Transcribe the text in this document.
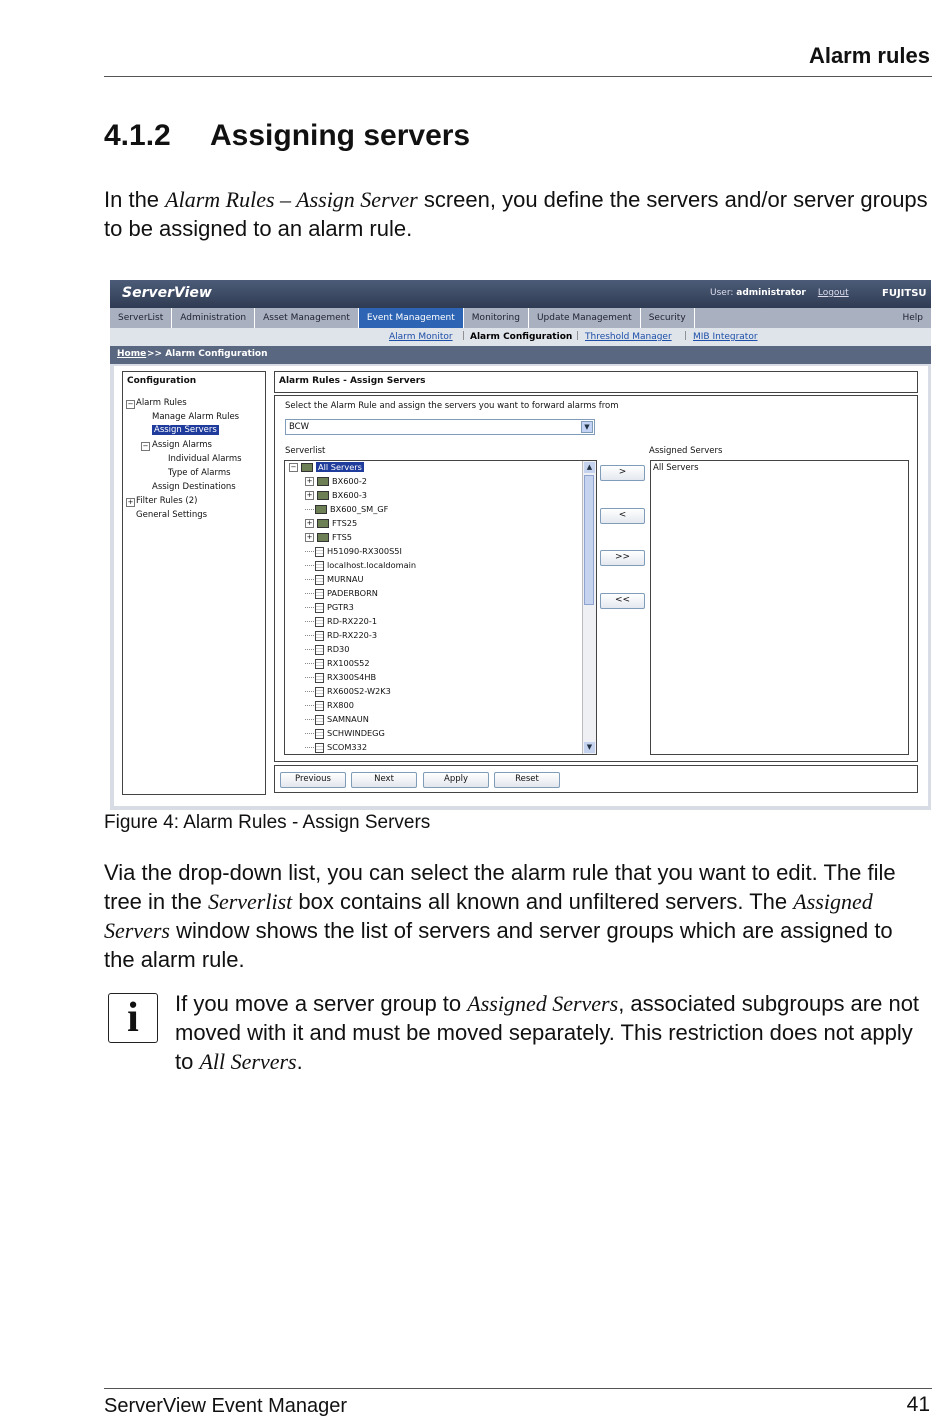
Alarm rules
4.1.2 Assigning servers
In the Alarm Rules – Assign Server screen, you define the servers and/or server groups to be assigned to an alarm rule.
ServerView	User: administrator Logout	FUJITSU
ServerList	Administration	Asset Management	Event Management	Monitoring	Update Management	Security	Help
Alarm Monitor | Alarm Configuration | Threshold Manager | MIB Integrator
Home >> Alarm Configuration
Configuration
− Alarm Rules
Manage Alarm Rules
Assign Servers
− Assign Alarms
Individual Alarms
Type of Alarms
Assign Destinations
+ Filter Rules (2)
General Settings
Alarm Rules - Assign Servers
Select the Alarm Rule and assign the servers you want to forward alarms from
BCW	▼
Serverlist	Assigned Servers
−	All Servers
+ BX600-2
+ BX600-3
BX600_SM_GF
+ FTS25
+ FTS5
H51090-RX300S5I
localhost.localdomain
MURNAU
PADERBORN
PGTR3
RD-RX220-1
RD-RX220-3
RD30
RX100S52
RX300S4HB
RX600S2-W2K3
RX800
SAMNAUN
SCHWINDEGG
SCOM332
▲
▼
>
<
>>
<<
All Servers
Previous	Next	Apply	Reset
Figure 4: Alarm Rules - Assign Servers
Via the drop-down list, you can select the alarm rule that you want to edit. The file tree in the Serverlist box contains all known and unfiltered servers. The Assigned Servers window shows the list of servers and server groups which are assigned to the alarm rule.
i	If you move a server group to Assigned Servers, associated subgroups are not moved with it and must be moved separately. This restriction does not apply to All Servers.
ServerView Event Manager	41
